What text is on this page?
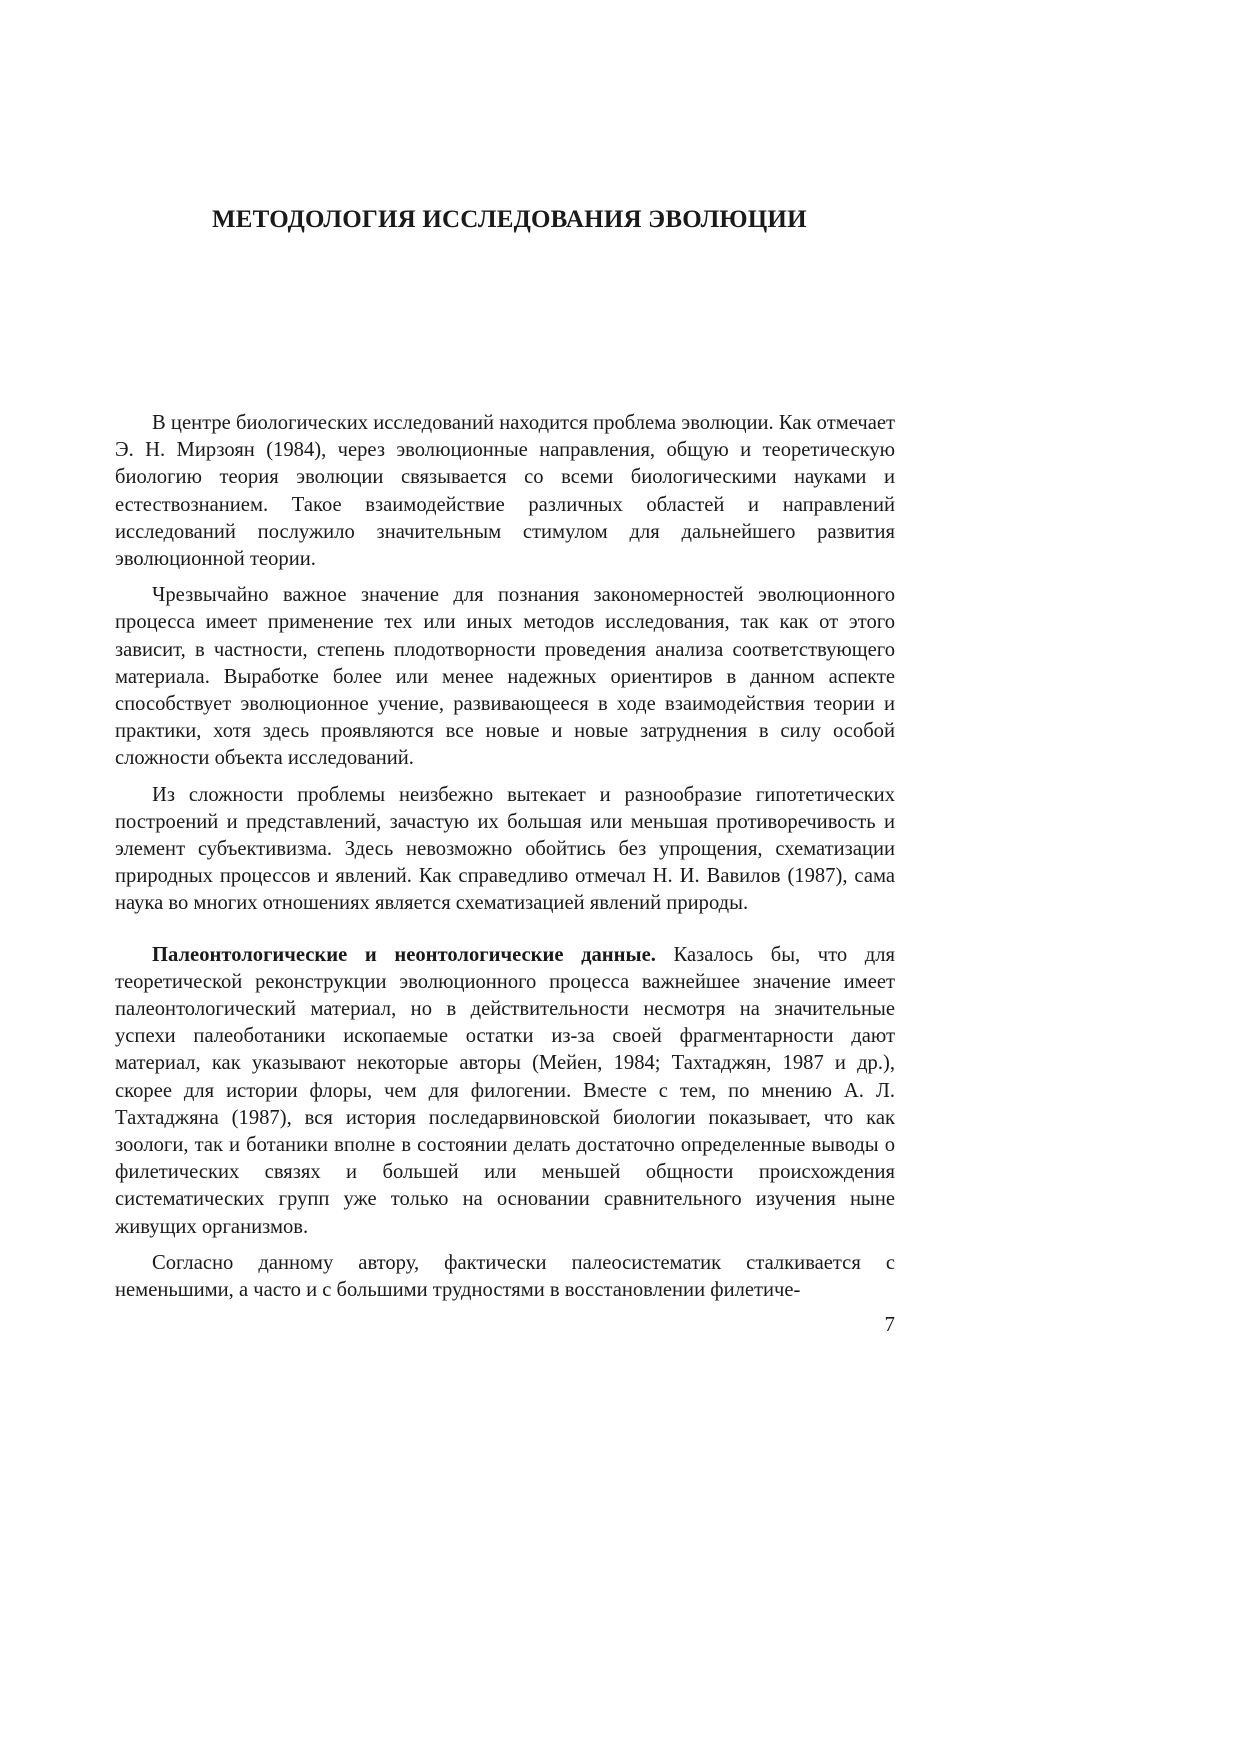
МЕТОДОЛОГИЯ ИССЛЕДОВАНИЯ ЭВОЛЮЦИИ

В центре биологических исследований находится проблема эволюции. Как отмечает Э. Н. Мирзоян (1984), через эволюционные направления, общую и теоретическую биологию теория эволюции связывается со всеми биологическими науками и естествознанием. Такое взаимодействие различных областей и направлений исследований послужило значительным стимулом для дальнейшего развития эволюционной теории.

Чрезвычайно важное значение для познания закономерностей эволюционного процесса имеет применение тех или иных методов исследования, так как от этого зависит, в частности, степень плодотворности проведения анализа соответствующего материала. Выработке более или менее надежных ориентиров в данном аспекте способствует эволюционное учение, развивающееся в ходе взаимодействия теории и практики, хотя здесь проявляются все новые и новые затруднения в силу особой сложности объекта исследований.

Из сложности проблемы неизбежно вытекает и разнообразие гипотетических построений и представлений, зачастую их большая или меньшая противоречивость и элемент субъективизма. Здесь невозможно обойтись без упрощения, схематизации природных процессов и явлений. Как справедливо отмечал Н. И. Вавилов (1987), сама наука во многих отношениях является схематизацией явлений природы.

Палеонтологические и неонтологические данные. Казалось бы, что для теоретической реконструкции эволюционного процесса важнейшее значение имеет палеонтологический материал, но в действительности несмотря на значительные успехи палеоботаники ископаемые остатки из-за своей фрагментарности дают материал, как указывают некоторые авторы (Мейен, 1984; Тахтаджян, 1987 и др.), скорее для истории флоры, чем для филогении. Вместе с тем, по мнению А. Л. Тахтаджяна (1987), вся история последарвиновской биологии показывает, что как зоологи, так и ботаники вполне в состоянии делать достаточно определенные выводы о филетических связях и большей или меньшей общности происхождения систематических групп уже только на основании сравнительного изучения ныне живущих организмов.

Согласно данному автору, фактически палеосистематик сталкивается с неменьшими, а часто и с большими трудностями в восстановлении филетиче-

7
